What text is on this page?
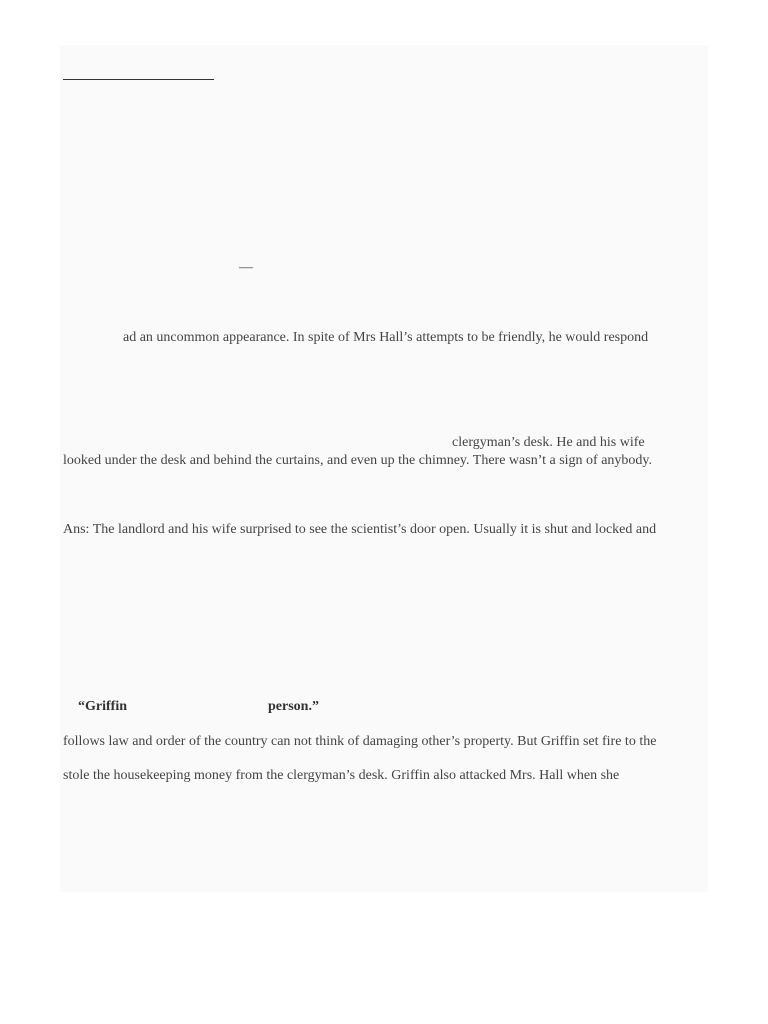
—
ad an uncommon appearance. In spite of Mrs Hall’s attempts to be friendly, he would respond
clergyman’s desk. He and his wife
looked under the desk and behind the curtains, and even up the chimney. There wasn’t a sign of anybody.
Ans: The landlord and his wife surprised to see the scientist’s door open. Usually it is shut and locked and
“Griffin	person.”
follows law and order of the country can not think of damaging other’s property. But Griffin set fire to the
stole the housekeeping money from the clergyman’s desk. Griffin also attacked Mrs. Hall when she
